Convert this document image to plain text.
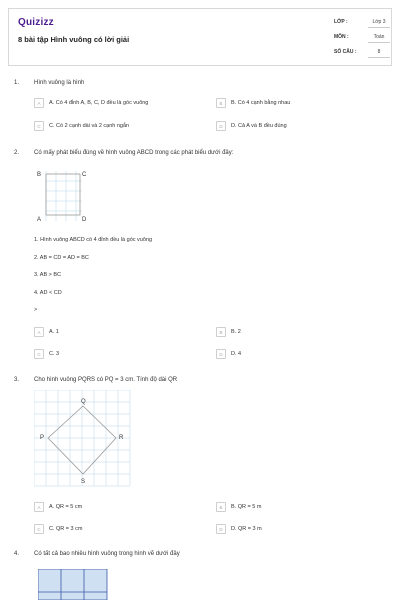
Quizizz
8 bài tập Hình vuông có lời giải
LỚP :	Lớp 3
MÔN :	Toán
SỐ CÂU :	8
1. Hình vuông là hình
A	A. Có 4 đỉnh A, B, C, D đều là góc vuông	B	B. Có 4 cạnh bằng nhau
C	C. Có 2 cạnh dài và 2 cạnh ngắn	D	D. Cả A và B đều đúng
2. Có mấy phát biểu đúng về hình vuông ABCD trong các phát biểu dưới đây:
B	C
A	D
1. Hình vuông ABCD có 4 đỉnh đều là góc vuông
2. AB = CD = AD = BC
3. AB > BC
4. AD < CD
>
A	A. 1	B	B. 2
C	C. 3	D	D. 4
3. Cho hình vuông PQRS có PQ = 3 cm. Tính độ dài QR
Q
P	R
S
A	A. QR = 5 cm	B	B. QR = 5 m
C	C. QR = 3 cm	D	D. QR = 3 m
4. Có tất cả bao nhiêu hình vuông trong hình vẽ dưới đây
